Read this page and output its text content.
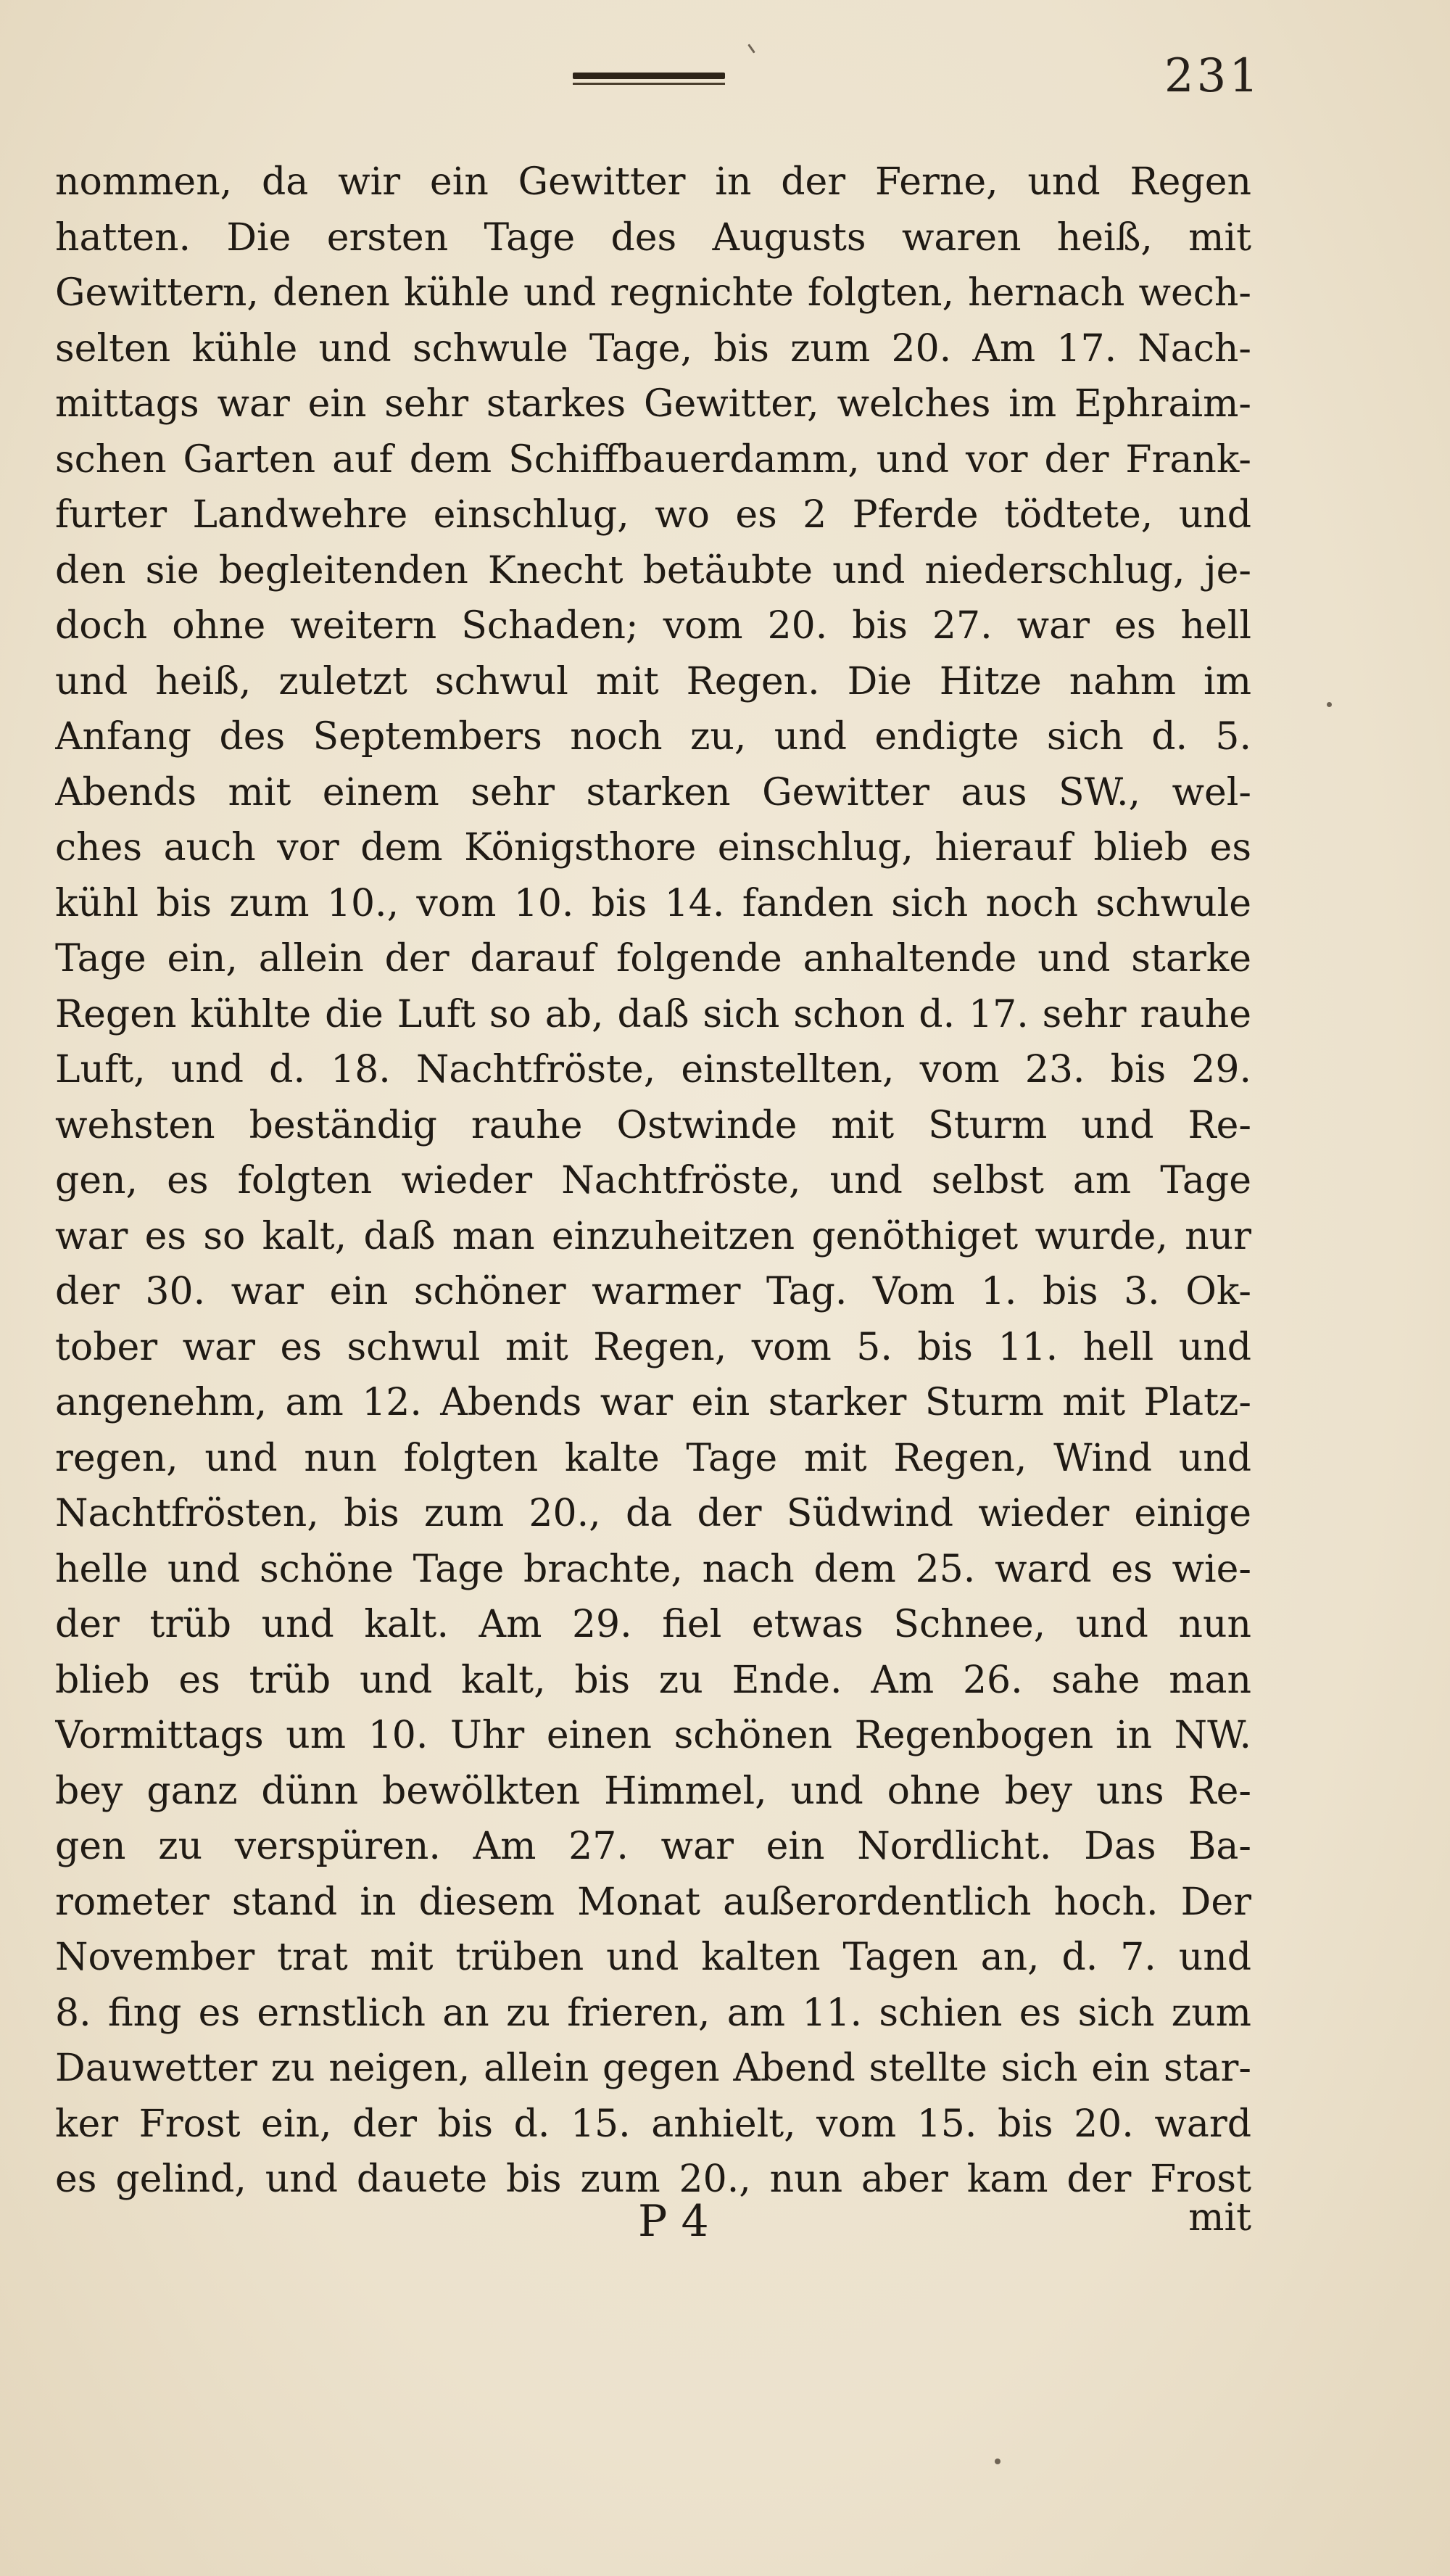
231
nommen, da wir ein Gewitter in der Ferne, und Regen
hatten. Die ersten Tage des Augusts waren heiß, mit
Gewittern, denen kühle und regnichte folgten, hernach wech-
selten kühle und schwule Tage, bis zum 20. Am 17. Nach-
mittags war ein sehr starkes Gewitter, welches im Ephraim-
schen Garten auf dem Schiffbauerdamm, und vor der Frank-
furter Landwehre einschlug, wo es 2 Pferde tödtete, und
den sie begleitenden Knecht betäubte und niederschlug, je-
doch ohne weitern Schaden; vom 20. bis 27. war es hell
und heiß, zuletzt schwul mit Regen. Die Hitze nahm im
Anfang des Septembers noch zu, und endigte sich d. 5.
Abends mit einem sehr starken Gewitter aus SW., wel-
ches auch vor dem Königsthore einschlug, hierauf blieb es
kühl bis zum 10., vom 10. bis 14. fanden sich noch schwule
Tage ein, allein der darauf folgende anhaltende und starke
Regen kühlte die Luft so ab, daß sich schon d. 17. sehr rauhe
Luft, und d. 18. Nachtfröste, einstellten, vom 23. bis 29.
wehsten beständig rauhe Ostwinde mit Sturm und Re-
gen, es folgten wieder Nachtfröste, und selbst am Tage
war es so kalt, daß man einzuheitzen genöthiget wurde, nur
der 30. war ein schöner warmer Tag. Vom 1. bis 3. Ok-
tober war es schwul mit Regen, vom 5. bis 11. hell und
angenehm, am 12. Abends war ein starker Sturm mit Platz-
regen, und nun folgten kalte Tage mit Regen, Wind und
Nachtfrösten, bis zum 20., da der Südwind wieder einige
helle und schöne Tage brachte, nach dem 25. ward es wie-
der trüb und kalt. Am 29. fiel etwas Schnee, und nun
blieb es trüb und kalt, bis zu Ende. Am 26. sahe man
Vormittags um 10. Uhr einen schönen Regenbogen in NW.
bey ganz dünn bewölkten Himmel, und ohne bey uns Re-
gen zu verspüren. Am 27. war ein Nordlicht. Das Ba-
rometer stand in diesem Monat außerordentlich hoch. Der
November trat mit trüben und kalten Tagen an, d. 7. und
8. fing es ernstlich an zu frieren, am 11. schien es sich zum
Dauwetter zu neigen, allein gegen Abend stellte sich ein star-
ker Frost ein, der bis d. 15. anhielt, vom 15. bis 20. ward
es gelind, und dauete bis zum 20., nun aber kam der Frost
P 4	mit
